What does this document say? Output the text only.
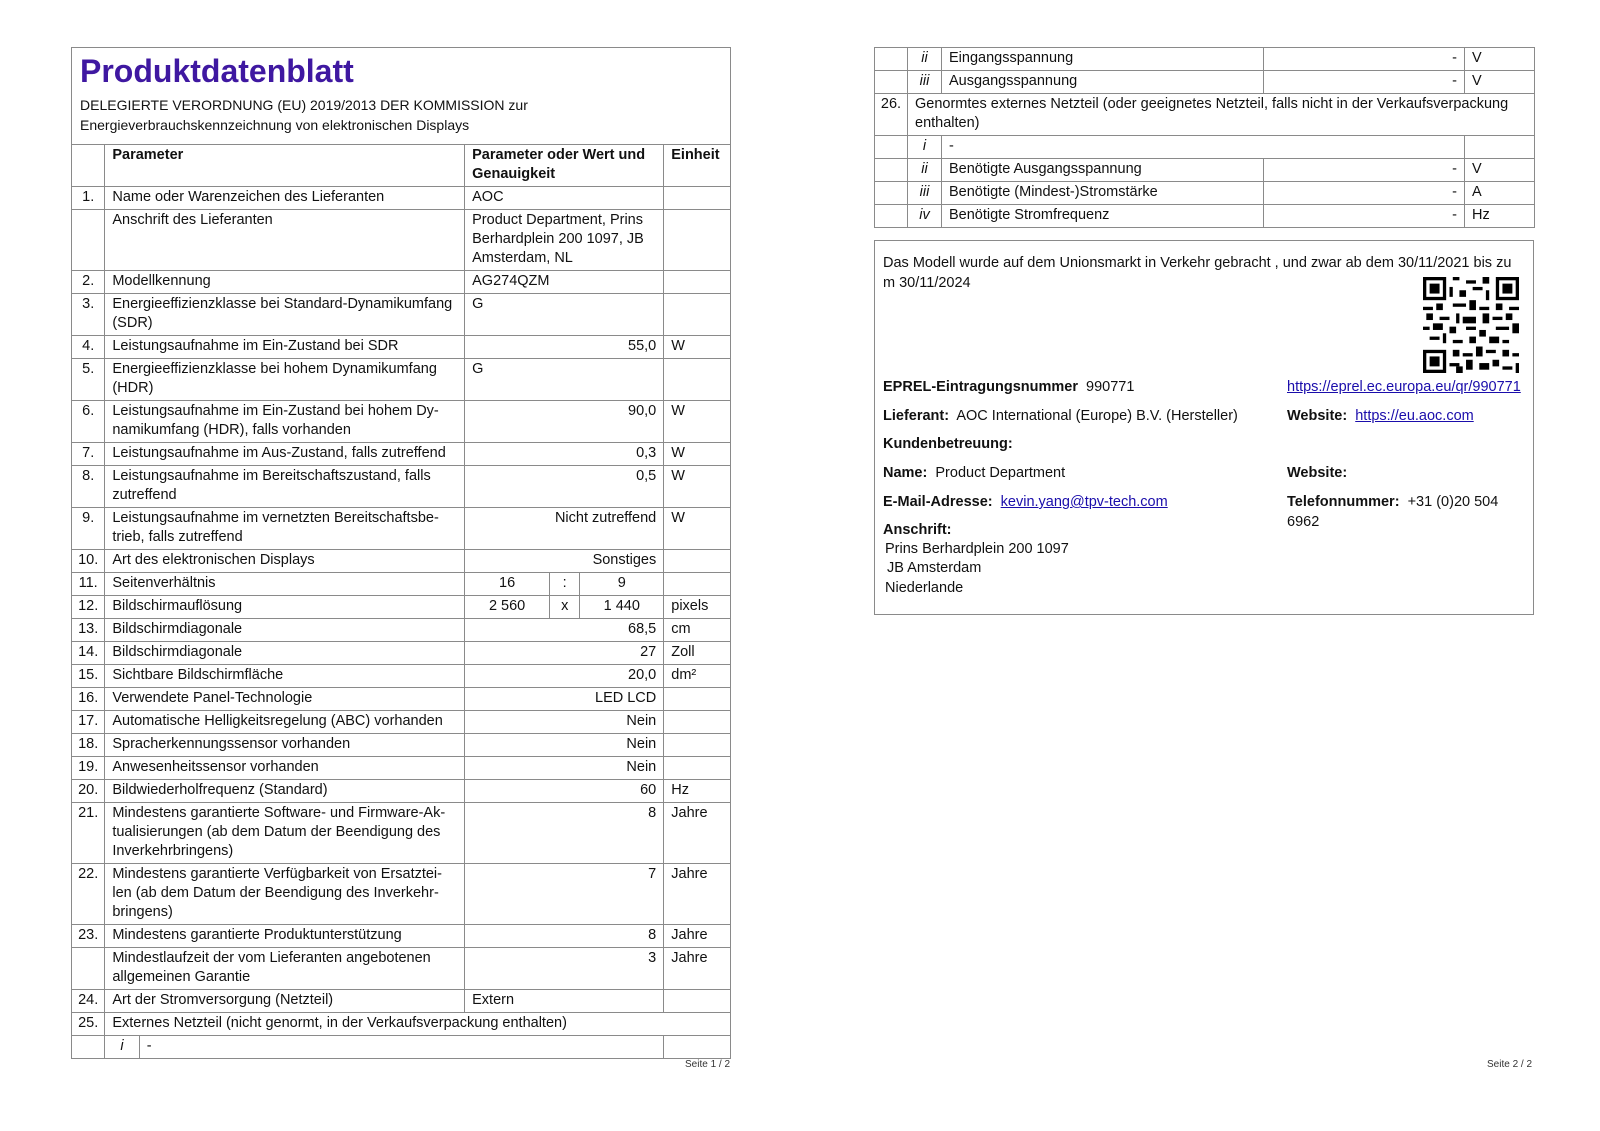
Produktdatenblatt
DELEGIERTE VERORDNUNG (EU) 2019/2013 DER KOMMISSION zur
Energieverbrauchskennzeichnung von elektronischen Displays
	Parameter		Parameter oder Wert und Genauigkeit			Einheit
1.	Name oder Warenzeichen des Lieferanten		AOC			
	Anschrift des Lieferanten		Product Department, Prins Berhardplein 200 1097, JB Amsterdam, NL			
2.	Modellkennung		AG274QZM			
3.	Energieeffizienzklasse bei Standard-Dynamikumfang (SDR)		G			
4.	Leistungsaufnahme im Ein-Zustand bei SDR		55,0			W
5.	Energieeffizienzklasse bei hohem Dynamikumfang (HDR)		G			
6.	Leistungsaufnahme im Ein-Zustand bei hohem Dy-namikumfang (HDR), falls vorhanden		90,0			W
7.	Leistungsaufnahme im Aus-Zustand, falls zutreffend		0,3			W
8.	Leistungsaufnahme im Bereitschaftszustand, falls zutreffend		0,5			W
9.	Leistungsaufnahme im vernetzten Bereitschaftsbe-trieb, falls zutreffend		Nicht zutreffend			W
10.	Art des elektronischen Displays		Sonstiges			
11.	Seitenverhältnis		16	:	9	
12.	Bildschirmauflösung		2 560	x	1 440	pixels
13.	Bildschirmdiagonale		68,5			cm
14.	Bildschirmdiagonale		27			Zoll
15.	Sichtbare Bildschirmfläche		20,0			dm²
16.	Verwendete Panel-Technologie		LED LCD			
17.	Automatische Helligkeitsregelung (ABC) vorhanden		Nein			
18.	Spracherkennungssensor vorhanden		Nein			
19.	Anwesenheitssensor vorhanden		Nein			
20.	Bildwiederholfrequenz (Standard)		60			Hz
21.	Mindestens garantierte Software- und Firmware-Ak-tualisierungen (ab dem Datum der Beendigung des Inverkehrbringens)		8			Jahre
22.	Mindestens garantierte Verfügbarkeit von Ersatztei-len (ab dem Datum der Beendigung des Inverkehr-bringens)		7			Jahre
23.	Mindestens garantierte Produktunterstützung		8			Jahre
	Mindestlaufzeit der vom Lieferanten angebotenen allgemeinen Garantie		3			Jahre
24.	Art der Stromversorgung (Netzteil)		Extern			
25.	Externes Netzteil (nicht genormt, in der Verkaufsverpackung enthalten)					
	i	-				
Seite 1 / 2
	ii	Eingangsspannung	-	V
	iii	Ausgangsspannung	-	V
26.	Genormtes externes Netzteil (oder geeignetes Netzteil, falls nicht in der Verkaufsverpackung enthalten)			
	i	-		
	ii	Benötigte Ausgangsspannung	-	V
	iii	Benötigte (Mindest-)Stromstärke	-	A
	iv	Benötigte Stromfrequenz	-	Hz
Das Modell wurde auf dem Unionsmarkt in Verkehr gebracht , und zwar ab dem 30/11/2021 bis zu m 30/11/2024
EPREL-Eintragungsnummer 990771	https://eprel.ec.europa.eu/qr/990771
Lieferant: AOC International (Europe) B.V. (Hersteller)	Website: https://eu.aoc.com
Kundenbetreuung:
Name: Product Department	Website:
E-Mail-Adresse: kevin.yang@tpv-tech.com	Telefonnummer: +31 (0)20 504 6962
Anschrift:
Prins Berhardplein 200 1097
JB Amsterdam
Niederlande
Seite 2 / 2
